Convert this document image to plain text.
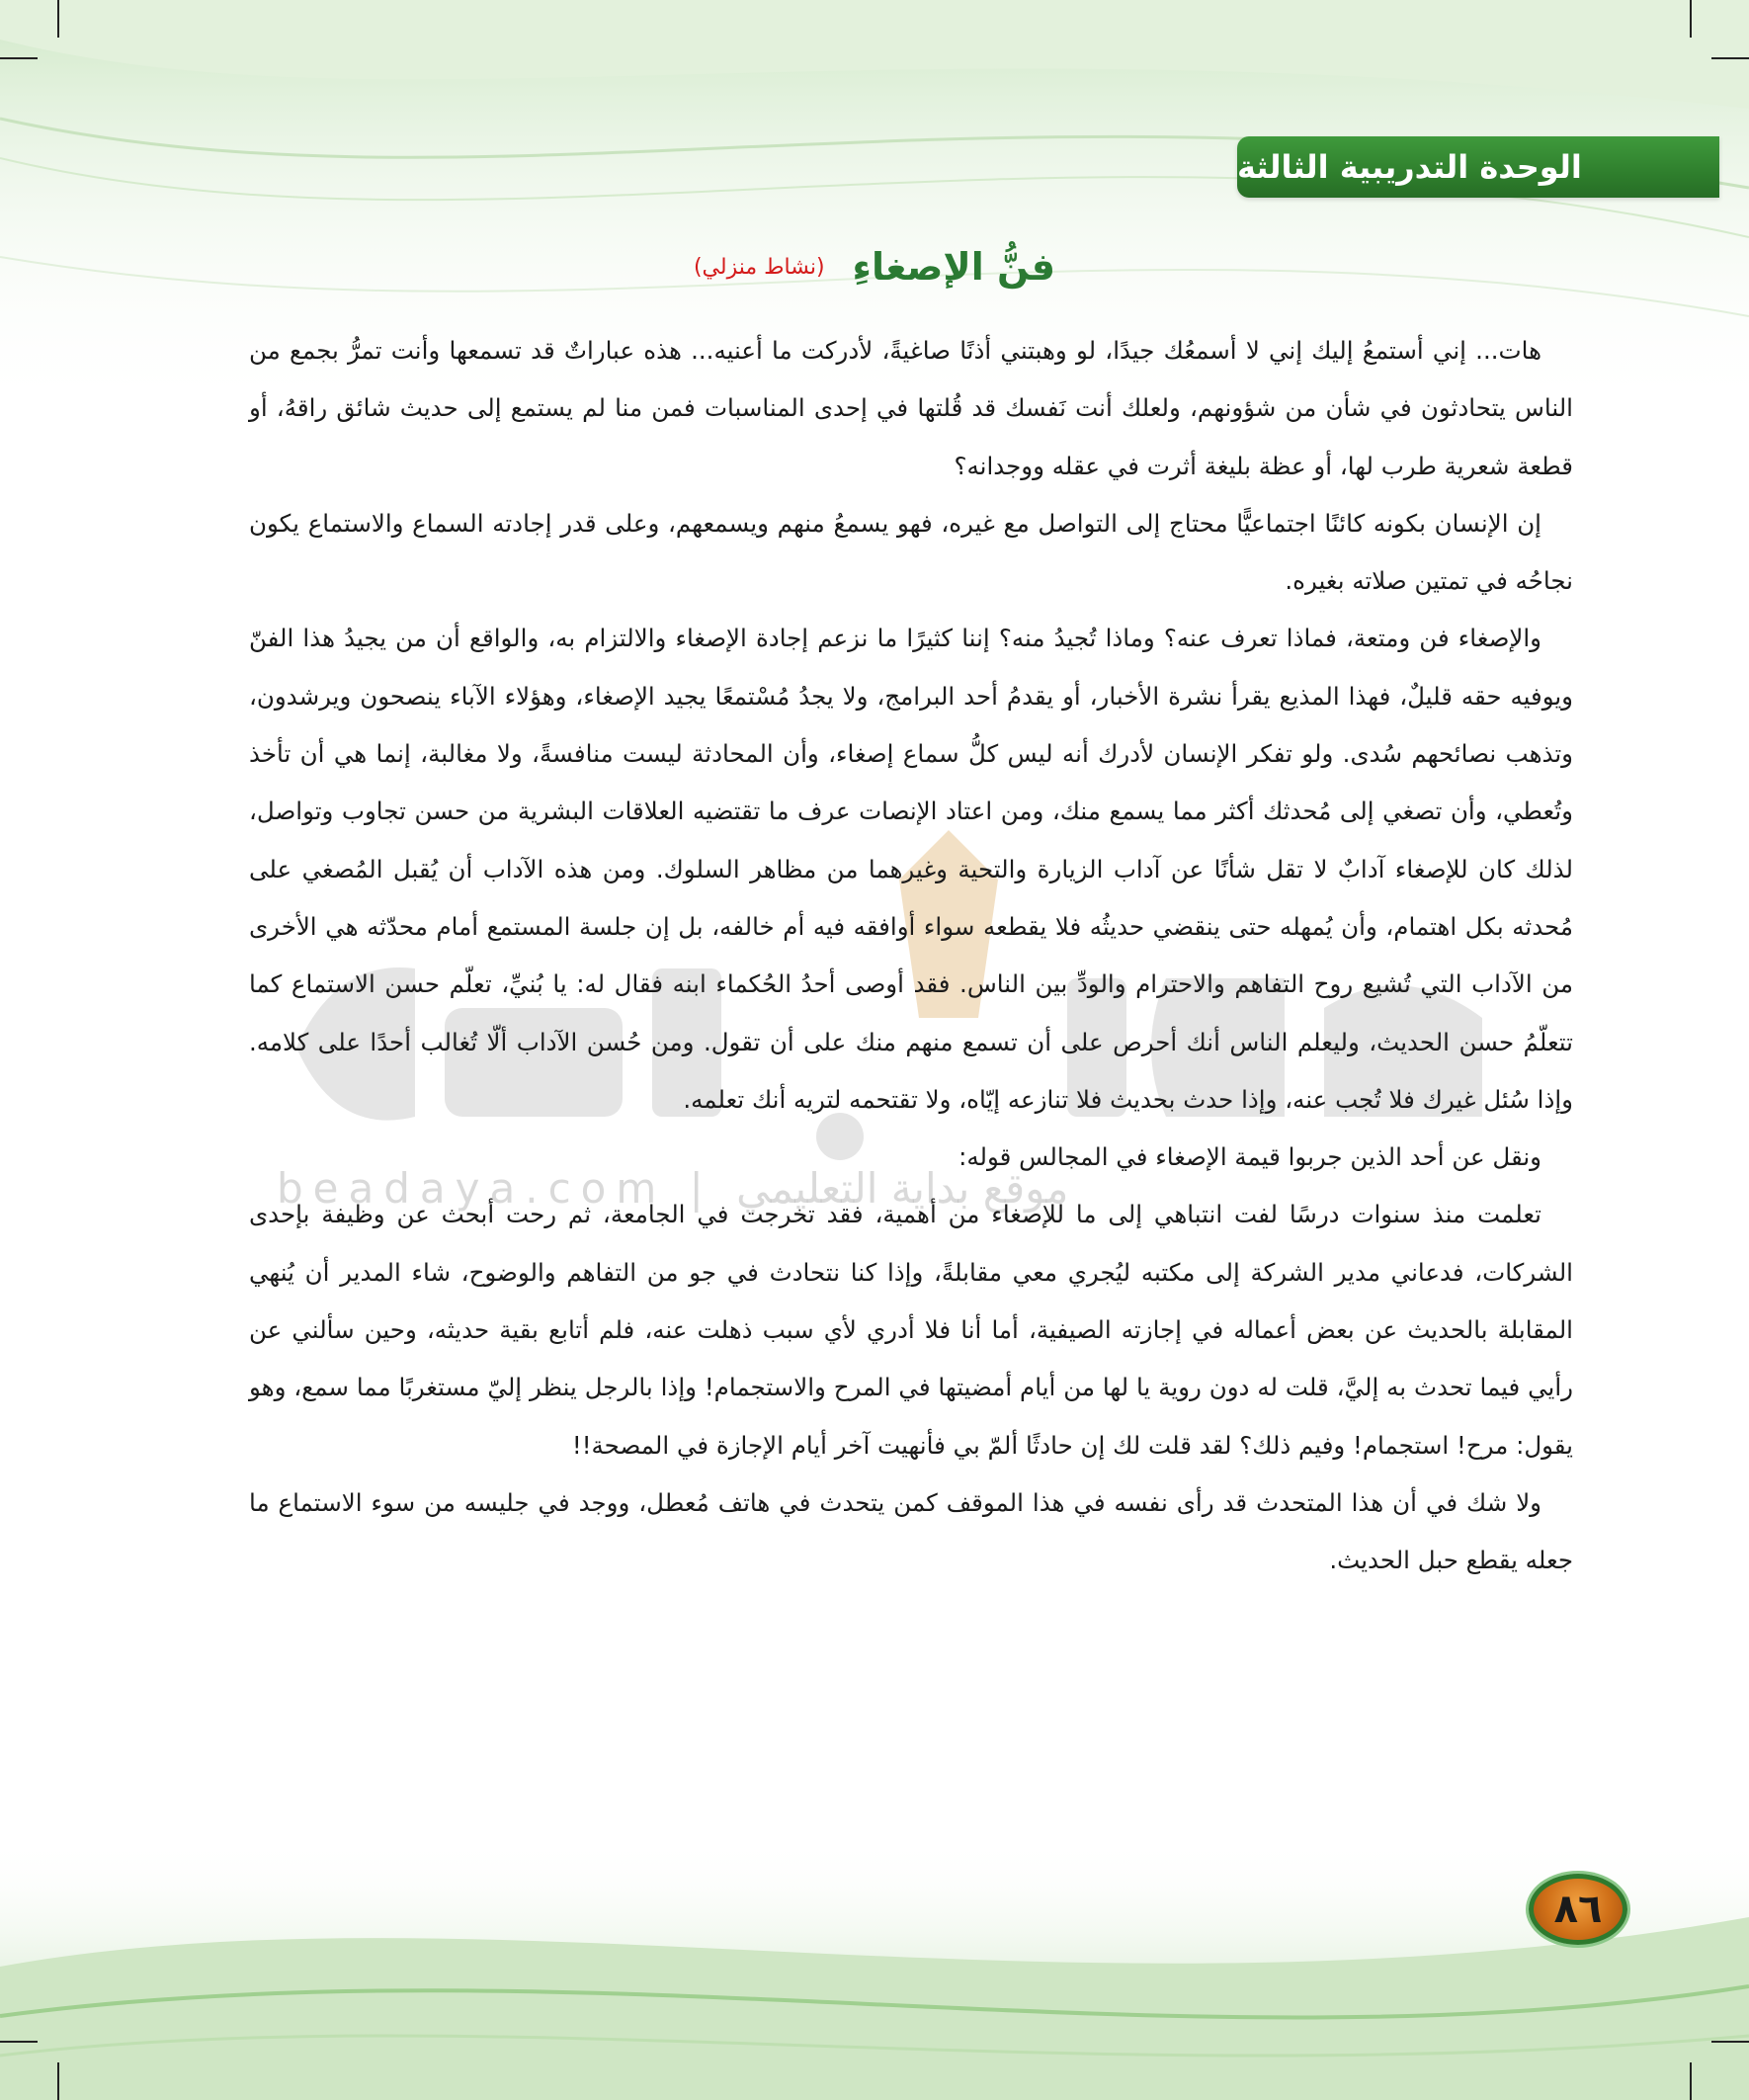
beadaya.com | موقع بداية التعليمي
الوحدة التدريبية الثالثة
فنُّ الإصغاءِ
(نشاط منزلي)

هات... إني أستمعُ إليك إني لا أسمعُك جيدًا، لو وهبتني أذنًا صاغيةً، لأدركت ما أعنيه... هذه عباراتٌ قد تسمعها وأنت تمرُّ بجمع من الناس يتحادثون في شأن من شؤونهم، ولعلك أنت نَفسك قد قُلتها في إحدى المناسبات فمن منا لم يستمع إلى حديث شائق راقهُ، أو قطعة شعرية طرب لها، أو عظة بليغة أثرت في عقله ووجدانه؟

إن الإنسان بكونه كائنًا اجتماعيًّا محتاج إلى التواصل مع غيره، فهو يسمعُ منهم ويسمعهم، وعلى قدر إجادته السماع والاستماع يكون نجاحُه في تمتين صلاته بغيره.

والإصغاء فن ومتعة، فماذا تعرف عنه؟ وماذا تُجيدُ منه؟ إننا كثيرًا ما نزعم إجادة الإصغاء والالتزام به، والواقع أن من يجيدُ هذا الفنّ ويوفيه حقه قليلٌ، فهذا المذيع يقرأ نشرة الأخبار، أو يقدمُ أحد البرامج، ولا يجدُ مُسْتمعًا يجيد الإصغاء، وهؤلاء الآباء ينصحون ويرشدون، وتذهب نصائحهم سُدى. ولو تفكر الإنسان لأدرك أنه ليس كلُّ سماع إصغاء، وأن المحادثة ليست منافسةً، ولا مغالبة، إنما هي أن تأخذ وتُعطي، وأن تصغي إلى مُحدثك أكثر مما يسمع منك، ومن اعتاد الإنصات عرف ما تقتضيه العلاقات البشرية من حسن تجاوب وتواصل، لذلك كان للإصغاء آدابٌ لا تقل شأنًا عن آداب الزيارة والتحية وغيرهما من مظاهر السلوك. ومن هذه الآداب أن يُقبل المُصغي على مُحدثه بكل اهتمام، وأن يُمهله حتى ينقضي حديثُه فلا يقطعه سواء أوافقه فيه أم خالفه، بل إن جلسة المستمع أمام محدّثه هي الأخرى من الآداب التي تُشيع روح التفاهم والاحترام والودِّ بين الناس. فقد أوصى أحدُ الحُكماء ابنه فقال له: يا بُنيِّ، تعلّم حسن الاستماع كما تتعلّمُ حسن الحديث، وليعلم الناس أنك أحرص على أن تسمع منهم منك على أن تقول. ومن حُسن الآداب ألّا تُغالب أحدًا على كلامه. وإذا سُئل غيرك فلا تُجب عنه، وإذا حدث بحديث فلا تنازعه إيّاه، ولا تقتحمه لتريه أنك تعلمه.

ونقل عن أحد الذين جربوا قيمة الإصغاء في المجالس قوله:

تعلمت منذ سنوات درسًا لفت انتباهي إلى ما للإصغاء من أهمية، فقد تخرجت في الجامعة، ثم رحت أبحث عن وظيفة بإحدى الشركات، فدعاني مدير الشركة إلى مكتبه ليُجري معي مقابلةً، وإذا كنا نتحادث في جو من التفاهم والوضوح، شاء المدير أن يُنهي المقابلة بالحديث عن بعض أعماله في إجازته الصيفية، أما أنا فلا أدري لأي سبب ذهلت عنه، فلم أتابع بقية حديثه، وحين سألني عن رأيي فيما تحدث به إليَّ، قلت له دون روية يا لها من أيام أمضيتها في المرح والاستجمام! وإذا بالرجل ينظر إليّ مستغربًا مما سمع، وهو يقول: مرح! استجمام! وفيم ذلك؟ لقد قلت لك إن حادثًا ألمّ بي فأنهيت آخر أيام الإجازة في المصحة!!

ولا شك في أن هذا المتحدث قد رأى نفسه في هذا الموقف كمن يتحدث في هاتف مُعطل، ووجد في جليسه من سوء الاستماع ما جعله يقطع حبل الحديث.

٨٦
